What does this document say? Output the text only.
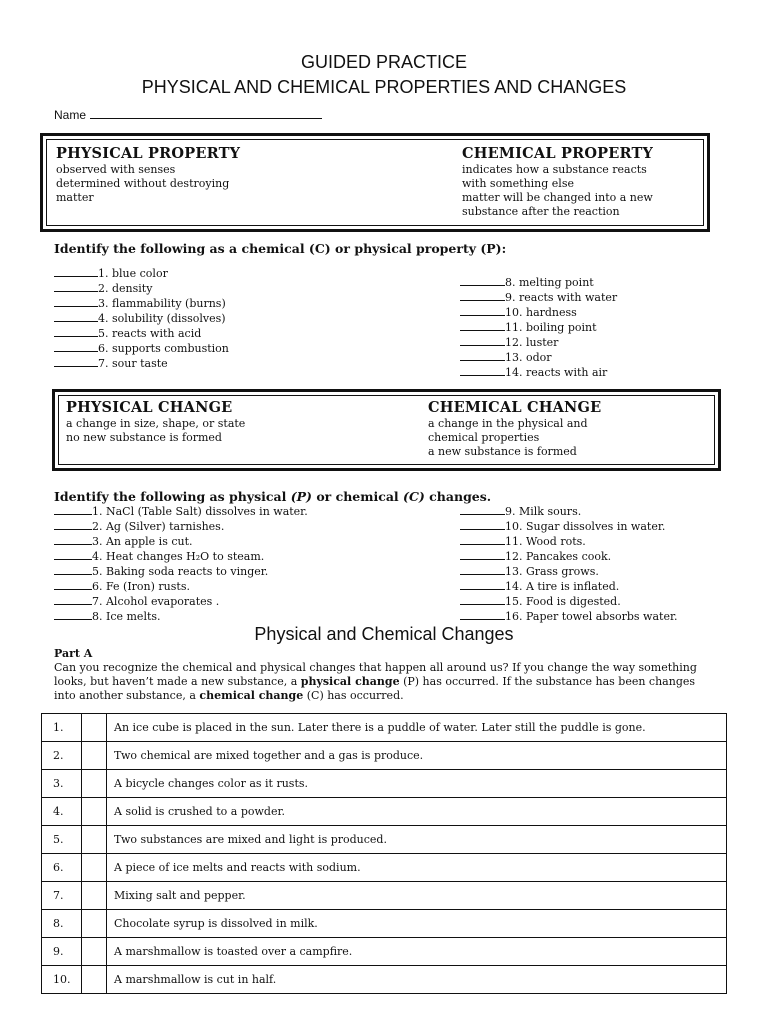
GUIDED PRACTICE
PHYSICAL AND CHEMICAL PROPERTIES AND CHANGES
Name
PHYSICAL PROPERTY

observed with senses

determined without destroying

matter

CHEMICAL PROPERTY

indicates how a substance reacts

with something else

matter will be changed into a new

substance after the reaction

Identify the following as a chemical (C) or physical property (P):
1. blue color
2. density
3. flammability (burns)
4. solubility (dissolves)
5. reacts with acid
6. supports combustion
7. sour taste
8. melting point
9. reacts with water
10. hardness
11. boiling point
12. luster
13. odor
14. reacts with air
PHYSICAL CHANGE

a change in size, shape, or state

no new substance is formed

CHEMICAL CHANGE

a change in the physical and

chemical properties

a new substance is formed

Identify the following as physical (P) or chemical (C) changes.
1. NaCl (Table Salt) dissolves in water.
2. Ag (Silver) tarnishes.
3. An apple is cut.
4. Heat changes H₂O to steam.
5. Baking soda reacts to vinger.
6. Fe (Iron) rusts.
7. Alcohol evaporates .
8. Ice melts.
9. Milk sours.
10. Sugar dissolves in water.
11. Wood rots.
12. Pancakes cook.
13. Grass grows.
14. A tire is inflated.
15. Food is digested.
16. Paper towel absorbs water.
Physical and Chemical Changes
Part A

Can you recognize the chemical and physical changes that happen all around us? If you change the way something looks, but haven’t made a new substance, a physical change (P) has occurred. If the substance has been changes into another substance, a chemical change (C) has occurred.

1.		An ice cube is placed in the sun. Later there is a puddle of water. Later still the puddle is gone.
2.		Two chemical are mixed together and a gas is produce.
3.		A bicycle changes color as it rusts.
4.		A solid is crushed to a powder.
5.		Two substances are mixed and light is produced.
6.		A piece of ice melts and reacts with sodium.
7.		Mixing salt and pepper.
8.		Chocolate syrup is dissolved in milk.
9.		A marshmallow is toasted over a campfire.
10.		A marshmallow is cut in half.
